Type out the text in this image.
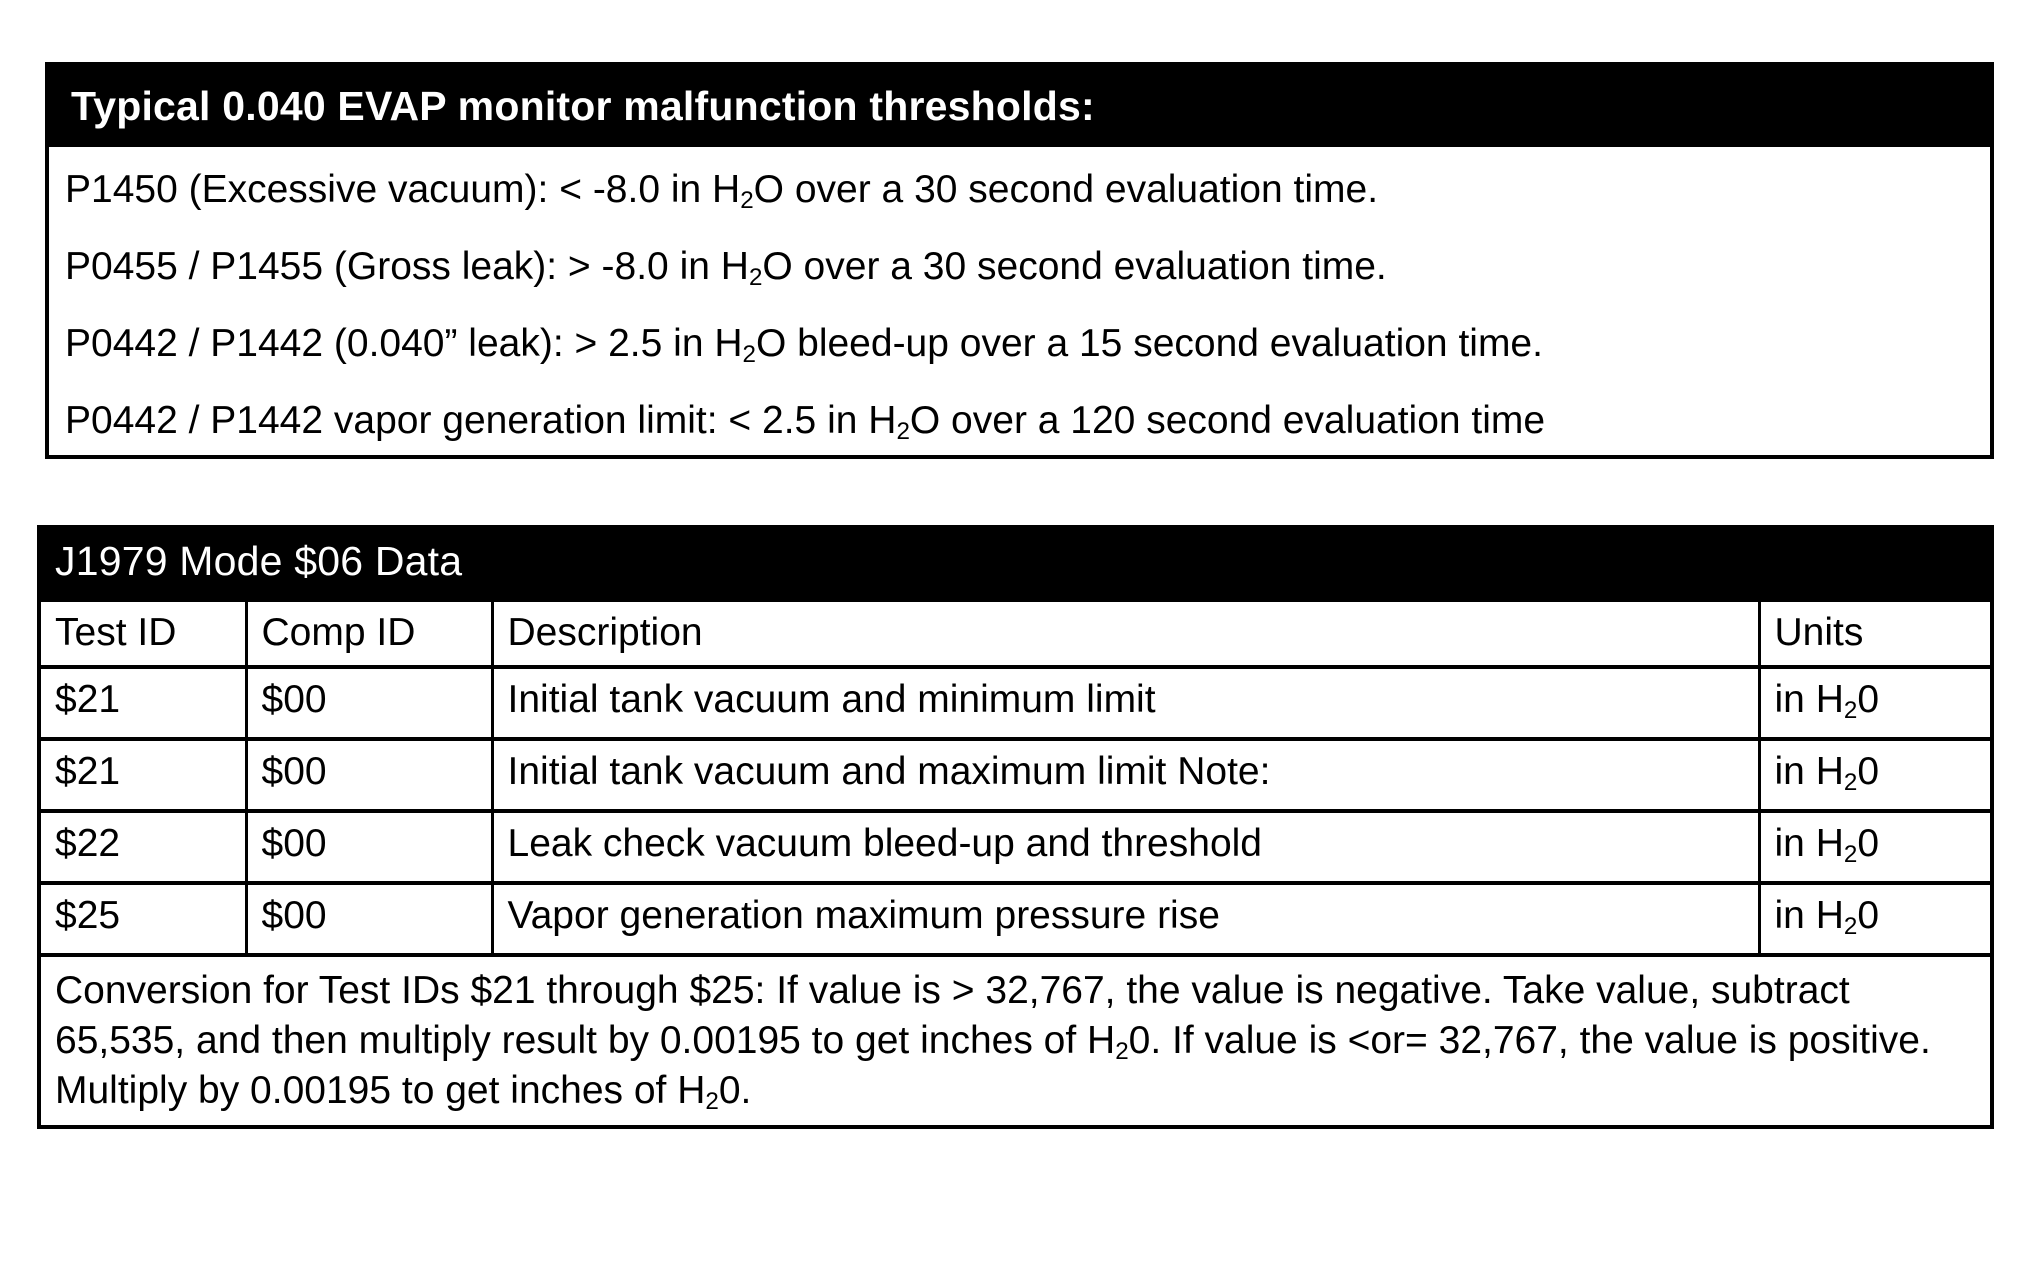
Typical 0.040 EVAP monitor malfunction thresholds:

P1450 (Excessive vacuum): < -8.0 in $H_2O$ over a 30 second evaluation time.

P0455 / P1455 (Gross leak): > -8.0 in $H_2O$ over a 30 second evaluation time.

P0442 / P1442 (0.040” leak): > 2.5 in $H_2O$ bleed-up over a 15 second evaluation time.

P0442 / P1442 vapor generation limit: < 2.5 in $H_2O$ over a 120 second evaluation time

J1979 Mode $06 Data			
Test ID	Comp ID	Description	Units
$21	$00	Initial tank vacuum and minimum limit	in $H_20$
$21	$00	Initial tank vacuum and maximum limit Note:	in $H_20$
$22	$00	Leak check vacuum bleed-up and threshold	in $H_20$
$25	$00	Vapor generation maximum pressure rise	in $H_20$
Conversion for Test IDs $21 through $25: If value is > 32,767, the value is negative. Take value, subtract 65,535, and then multiply result by 0.00195 to get inches of $H_20$. If value is <or= 32,767, the value is positive. Multiply by 0.00195 to get inches of $H_20$.			
